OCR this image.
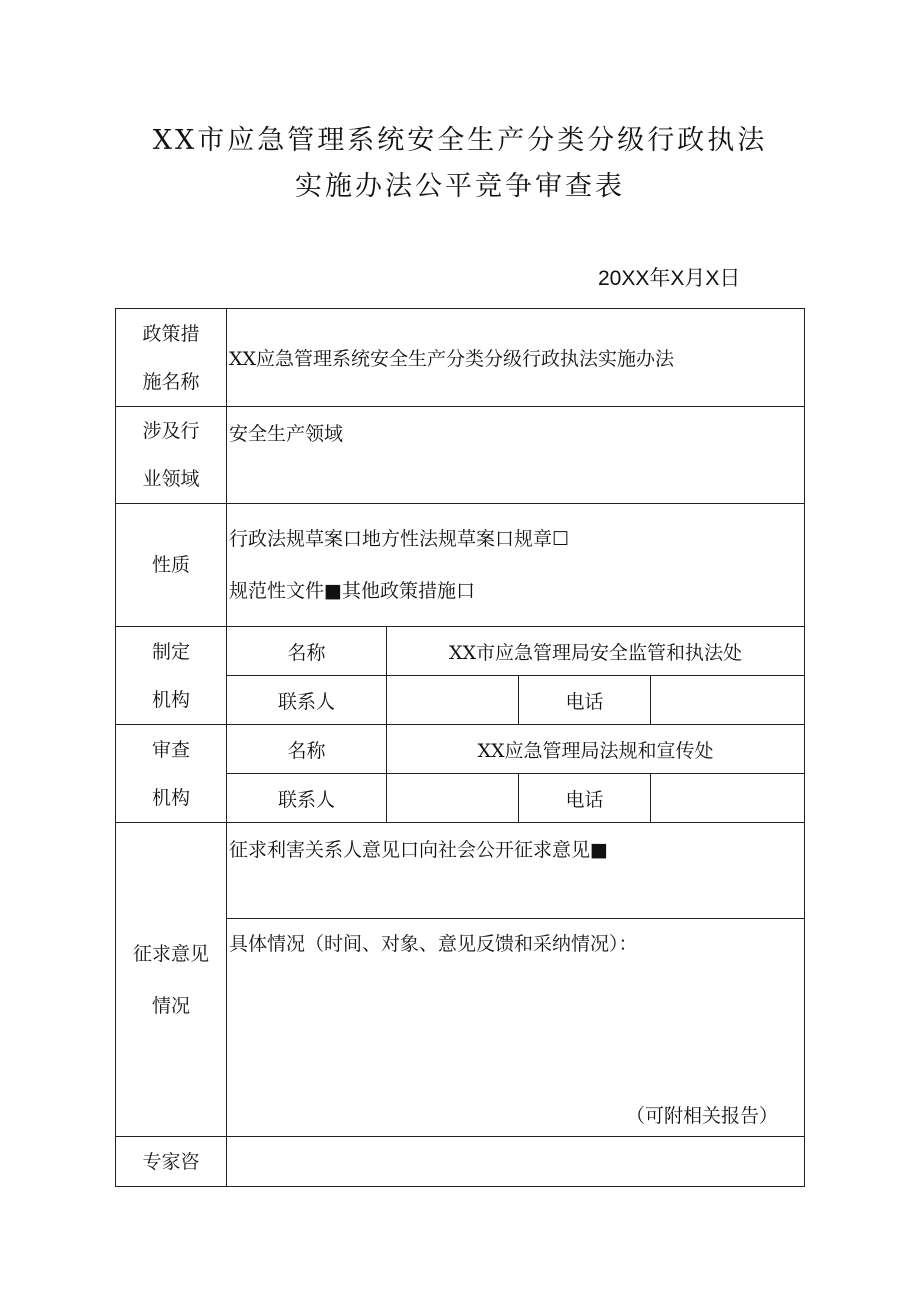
XX市应急管理系统安全生产分类分级行政执法
实施办法公平竞争审查表
20XX年X月X日
政策措
施名称	XX应急管理系统安全生产分类分级行政执法实施办法			

涉及行
业领域	安全生产领域			
性质	行政法规草案口地方性法规草案口规章☐
规范性文件■其他政策措施口			

制定
机构	名称	XX市应急管理局安全监管和执法处		
	联系人		电话	

审查
机构	名称	XX应急管理局法规和宣传处		
	联系人		电话	

征求意见
情况	征求利害关系人意见口向社会公开征求意见■			

	具体情况（时间、对象、意见反馈和采纳情况）：
（可附相关报告）			

专家咨				
